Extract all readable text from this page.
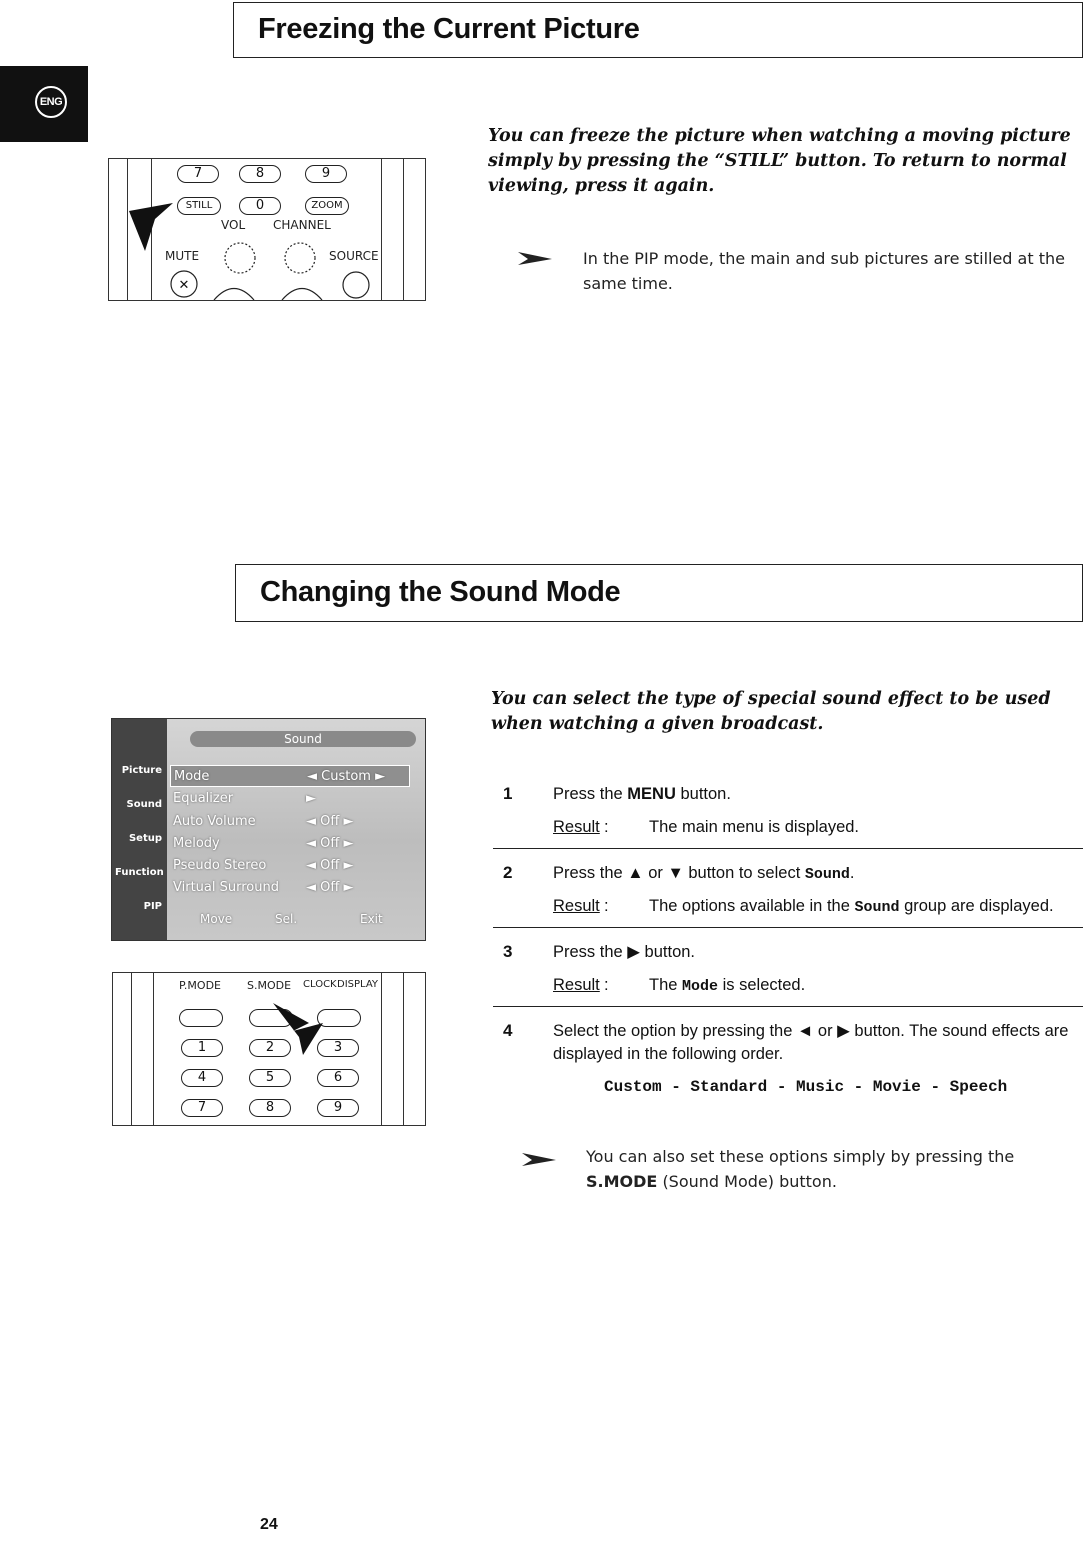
ENG
Freezing the Current Picture
7	8	9
STILL	0	ZOOM
VOL CHANNEL
MUTE	SOURCE
✕
You can freeze the picture when watching a moving picture simply by pressing the “STILL” button. To return to normal viewing, press it again.
In the PIP mode, the main and sub pictures are stilled at the same time.
Changing the Sound Mode
You can select the type of special sound effect to be used when watching a given broadcast.
Picture
Sound
Setup
Function
PIP
Sound
Mode	◄ Custom ►
Equalizer	►
Auto Volume	◄ Off ►
Melody	◄ Off ►
Pseudo Stereo	◄ Off ►
Virtual Surround ◄ Off ►
Move	Sel.	Exit
P.MODE S.MODE CLOCK DISPLAY
1	2	3
4	5	6
7	8	9
1 Press the MENU button.
Result : The main menu is displayed.
2 Press the ▲ or ▼ button to select Sound.
Result : The options available in the Sound group are displayed.
3 Press the ▶ button.
Result : The Mode is selected.
4 Select the option by pressing the ◄ or ▶ button. The sound effects are displayed in the following order.
Custom - Standard - Music - Movie - Speech
You can also set these options simply by pressing the S.MODE (Sound Mode) button.
24
